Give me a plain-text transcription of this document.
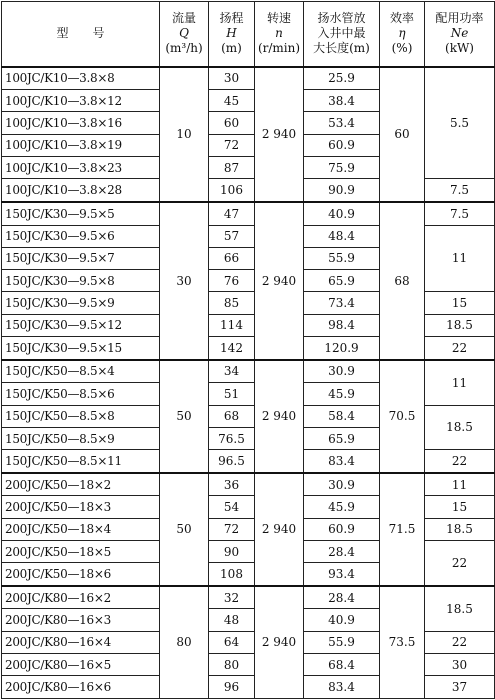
型　　号	流量
Q
(m³/h)	扬程
H
(m)	转速
n
(r/min)	扬水管放
入井中最
大长度(m)	效率
η
(%)	配用功率
Ne
(kW)

100JC/K10—3.8×8	10	30	2 940	25.9	60	5.5
100JC/K10—3.8×12		45		38.4		
100JC/K10—3.8×16		60		53.4		
100JC/K10—3.8×19		72		60.9		
100JC/K10—3.8×23		87		75.9		
100JC/K10—3.8×28		106		90.9		7.5
150JC/K30—9.5×5	30	47	2 940	40.9	68	7.5
150JC/K30—9.5×6		57		48.4		11
150JC/K30—9.5×7		66		55.9		
150JC/K30—9.5×8		76		65.9		
150JC/K30—9.5×9		85		73.4		15
150JC/K30—9.5×12		114		98.4		18.5
150JC/K30—9.5×15		142		120.9		22
150JC/K50—8.5×4	50	34	2 940	30.9	70.5	11
150JC/K50—8.5×6		51		45.9		
150JC/K50—8.5×8		68		58.4		18.5
150JC/K50—8.5×9		76.5		65.9		
150JC/K50—8.5×11		96.5		83.4		22
200JC/K50—18×2	50	36	2 940	30.9	71.5	11
200JC/K50—18×3		54		45.9		15
200JC/K50—18×4		72		60.9		18.5
200JC/K50—18×5		90		28.4		22
200JC/K50—18×6		108		93.4		
200JC/K80—16×2	80	32	2 940	28.4	73.5	18.5
200JC/K80—16×3		48		40.9		
200JC/K80—16×4		64		55.9		22
200JC/K80—16×5		80		68.4		30
200JC/K80—16×6		96		83.4		37
